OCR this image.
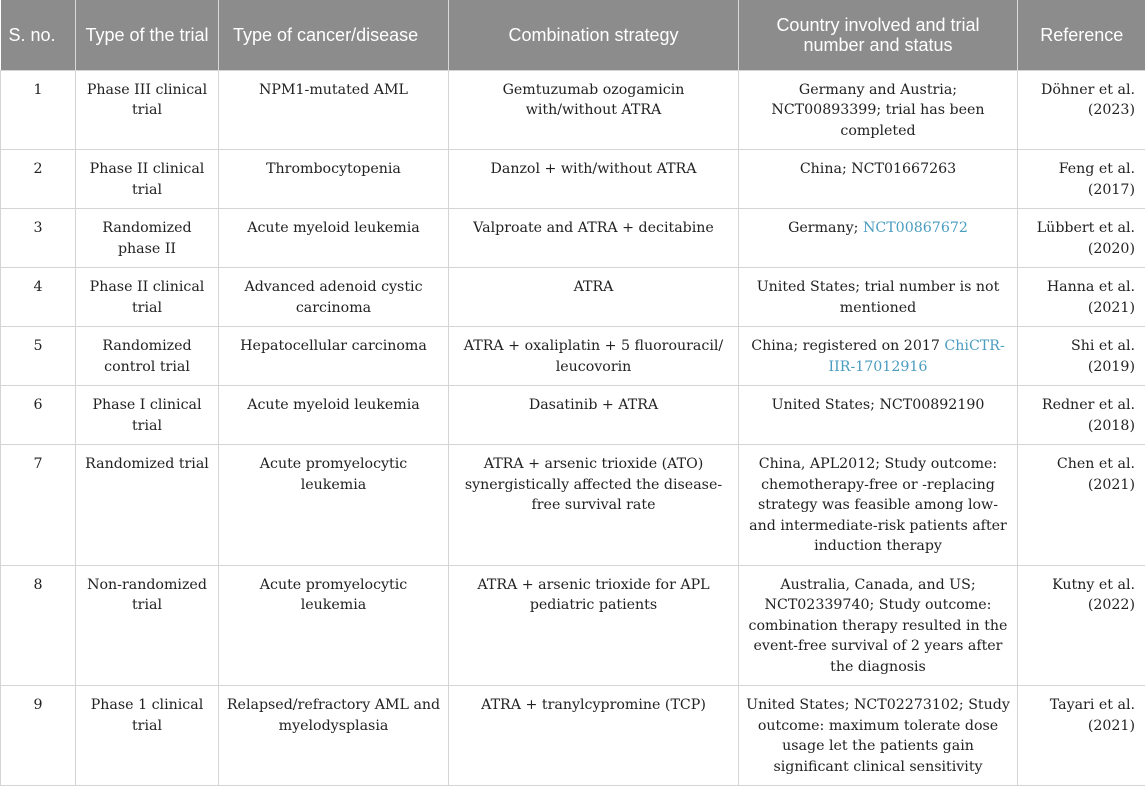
S. no.	Type of the trial	Type of cancer/disease	Combination strategy	Country involved and trial number and status	Reference
1	Phase III clinical trial	NPM1-mutated AML	Gemtuzumab ozogamicin with/without ATRA	Germany and Austria; NCT00893399; trial has been completed	Döhner et al. (2023)
2	Phase II clinical trial	Thrombocytopenia	Danzol + with/without ATRA	China; NCT01667263	Feng et al. (2017)
3	Randomized phase II	Acute myeloid leukemia	Valproate and ATRA + decitabine	Germany; NCT00867672	Lübbert et al. (2020)
4	Phase II clinical trial	Advanced adenoid cystic carcinoma	ATRA	United States; trial number is not mentioned	Hanna et al. (2021)
5	Randomized control trial	Hepatocellular carcinoma	ATRA + oxaliplatin + 5 fluorouracil/ leucovorin	China; registered on 2017 ChiCTR-IIR-17012916	Shi et al. (2019)
6	Phase I clinical trial	Acute myeloid leukemia	Dasatinib + ATRA	United States; NCT00892190	Redner et al. (2018)
7	Randomized trial	Acute promyelocytic leukemia	ATRA + arsenic trioxide (ATO) synergistically affected the disease-free survival rate	China, APL2012; Study outcome: chemotherapy-free or -replacing strategy was feasible among low- and intermediate-risk patients after induction therapy	Chen et al. (2021)
8	Non-randomized trial	Acute promyelocytic leukemia	ATRA + arsenic trioxide for APL pediatric patients	Australia, Canada, and US; NCT02339740; Study outcome: combination therapy resulted in the event-free survival of 2 years after the diagnosis	Kutny et al. (2022)
9	Phase 1 clinical trial	Relapsed/refractory AML and myelodysplasia	ATRA + tranylcypromine (TCP)	United States; NCT02273102; Study outcome: maximum tolerate dose usage let the patients gain significant clinical sensitivity	Tayari et al. (2021)
